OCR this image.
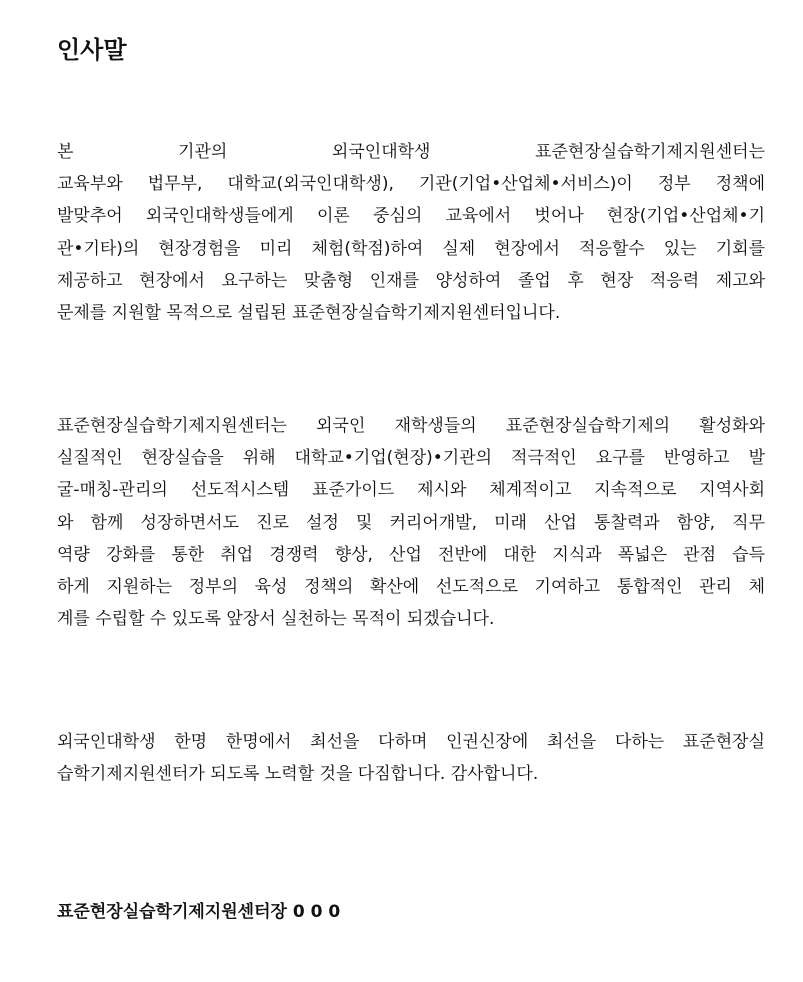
인사말
본 기관의 외국인대학생 표준현장실습학기제지원센터는
교육부와 법무부, 대학교(외국인대학생), 기관(기업•산업체•서비스)이 정부 정책에
발맞추어 외국인대학생들에게 이론 중심의 교육에서 벗어나 현장(기업•산업체•기
관•기타)의 현장경험을 미리 체험(학점)하여 실제 현장에서 적응할수 있는 기회를
제공하고 현장에서 요구하는 맞춤형 인재를 양성하여 졸업 후 현장 적응력 제고와
문제를 지원할 목적으로 설립된 표준현장실습학기제지원센터입니다.
표준현장실습학기제지원센터는 외국인 재학생들의 표준현장실습학기제의 활성화와
실질적인 현장실습을 위해 대학교•기업(현장)•기관의 적극적인 요구를 반영하고 발
굴-매칭-관리의 선도적시스템 표준가이드 제시와 체계적이고 지속적으로 지역사회
와 함께 성장하면서도 진로 설정 및 커리어개발, 미래 산업 통찰력과 함양, 직무
역량 강화를 통한 취업 경쟁력 향상, 산업 전반에 대한 지식과 폭넓은 관점 습득
하게 지원하는 정부의 육성 정책의 확산에 선도적으로 기여하고 통합적인 관리 체
계를 수립할 수 있도록 앞장서 실천하는 목적이 되겠습니다.
외국인대학생 한명 한명에서 최선을 다하며 인권신장에 최선을 다하는 표준현장실
습학기제지원센터가 되도록 노력할 것을 다짐합니다. 감사합니다.

표준현장실습학기제지원센터장 0 0 0
